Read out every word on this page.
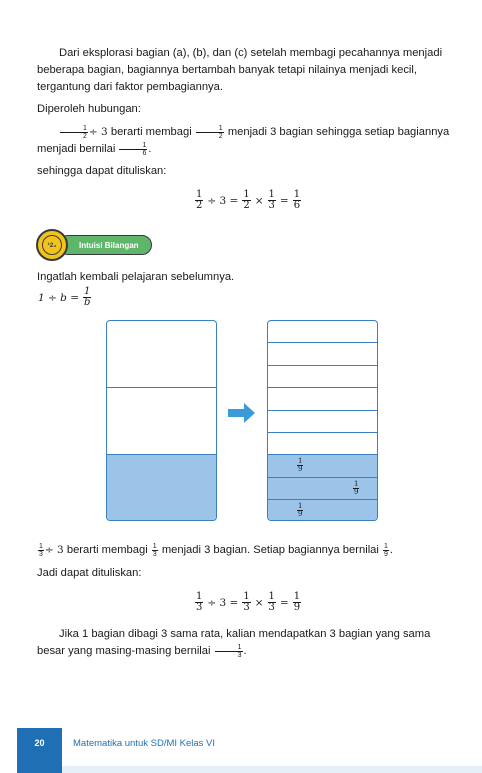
Dari eksplorasi bagian (a), (b), dan (c) setelah membagi pecahannya menjadi beberapa bagian, bagiannya bertambah banyak tetapi nilainya menjadi kecil, tergantung dari faktor pembagiannya.

Diperoleh hubungan:

$\frac{1}{2} \div 3$ berarti membagi $\frac{1}{2}$ menjadi 3 bagian sehingga setiap bagiannya menjadi bernilai $\frac{1}{6}$ .

sehingga dapat dituliskan:

$\frac{1}{2} \div 3 = \frac{1}{2} \times \frac{1}{3} = \frac{1}{6}$
¹2₃	Intuisi Bilangan

Ingatlah kembali pelajaran sebelumnya.

$1 \div b = \frac{1}{b}$
$\frac{1}{9}$
$\frac{1}{9}$
$\frac{1}{9}$

$\frac{1}{3} \div 3$ berarti membagi $\frac{1}{3}$ menjadi 3 bagian. Setiap bagiannya bernilai $\frac{1}{9}$ .

Jadi dapat dituliskan:

$\frac{1}{3} \div 3 = \frac{1}{3} \times \frac{1}{3} = \frac{1}{9}$

Jika 1 bagian dibagi 3 sama rata, kalian mendapatkan 3 bagian yang sama besar yang masing-masing bernilai $\frac{1}{3}$ .

20	Matematika untuk SD/MI Kelas VI
